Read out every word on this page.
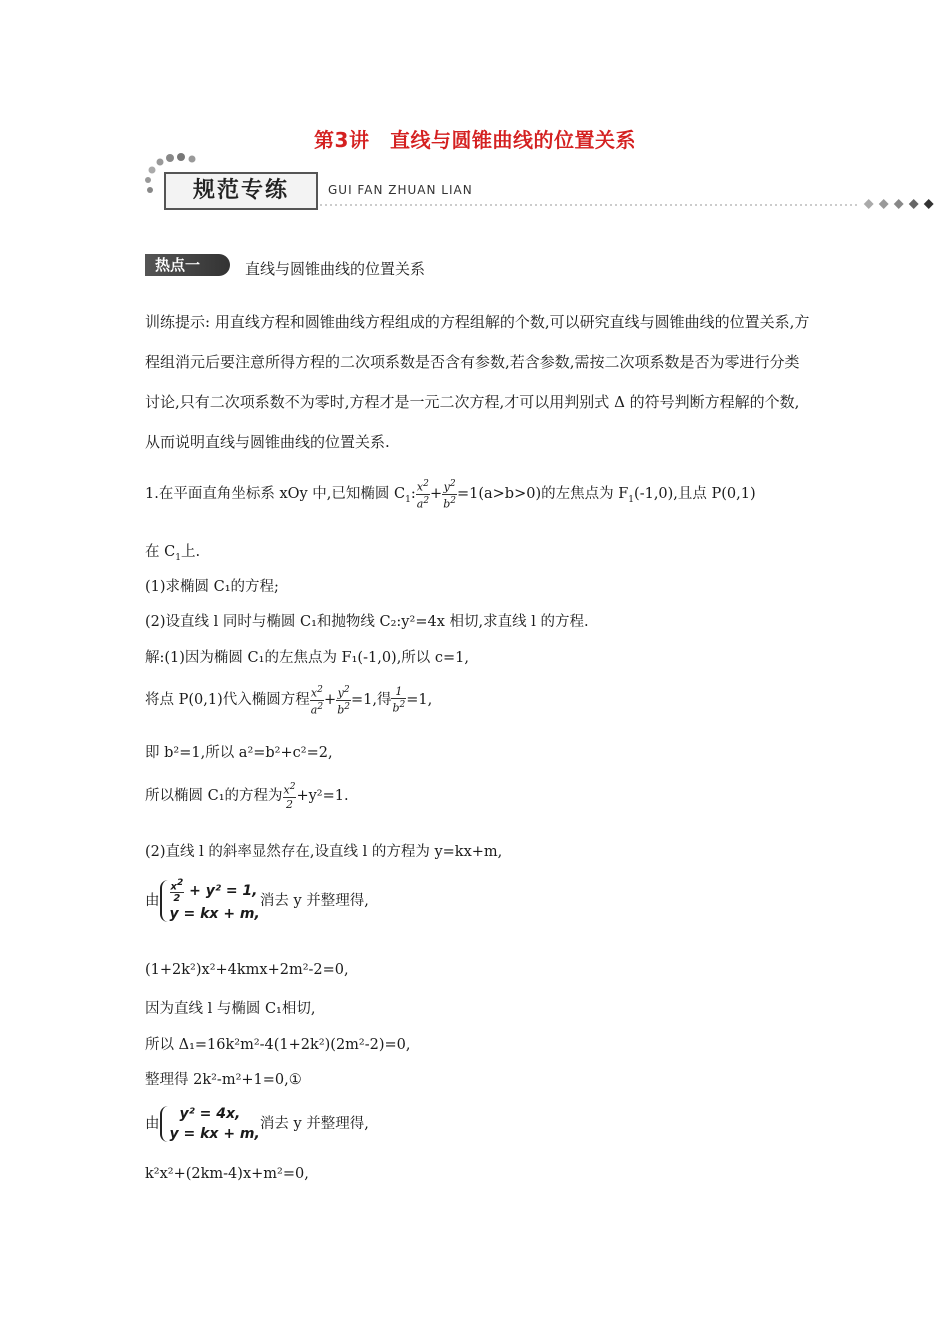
第3讲　直线与圆锥曲线的位置关系
规范专练	GUI FAN ZHUAN LIAN
热点一	直线与圆锥曲线的位置关系
训练提示: 用直线方程和圆锥曲线方程组成的方程组解的个数,可以研究直线与圆锥曲线的位置关系,方程组消元后要注意所得方程的二次项系数是否含有参数,若含参数,需按二次项系数是否为零进行分类讨论,只有二次项系数不为零时,方程才是一元二次方程,才可以用判别式 Δ 的符号判断方程解的个数,从而说明直线与圆锥曲线的位置关系.
1.在平面直角坐标系 xOy 中,已知椭圆 $C_1$: $\frac{x^2}{a^2} + \frac{y^2}{b^2} =1(a>b>0)$的左焦点为 $F_1(-1,0)$,且点 P(0,1)
在 $C_1$上.
(1)求椭圆 C₁的方程;
(2)设直线 l 同时与椭圆 C₁和抛物线 C₂:y²=4x 相切,求直线 l 的方程.
解:(1)因为椭圆 C₁的左焦点为 F₁(-1,0),所以 c=1,
将点 P(0,1)代入椭圆方程 $\frac{x^2}{a^2} + \frac{y^2}{b^2} =1$,得 $\frac{1}{b^2} =1$,
即 b²=1,所以 a²=b²+c²=2,
所以椭圆 C₁的方程为 $\frac{x^2}{2} +y^2=1$.
(2)直线 l 的斜率显然存在,设直线 l 的方程为 y=kx+m,
由 $\frac{x^2}{2} + y^2 = 1$,
y = kx + m,
消去 y 并整理得,
(1+2k²)x²+4kmx+2m²-2=0,
因为直线 l 与椭圆 C₁相切,
所以 Δ₁=16k²m²-4(1+2k²)(2m²-2)=0,
整理得 2k²-m²+1=0,①
由
y² = 4x,
y = kx + m,
消去 y 并整理得,
k²x²+(2km-4)x+m²=0,
